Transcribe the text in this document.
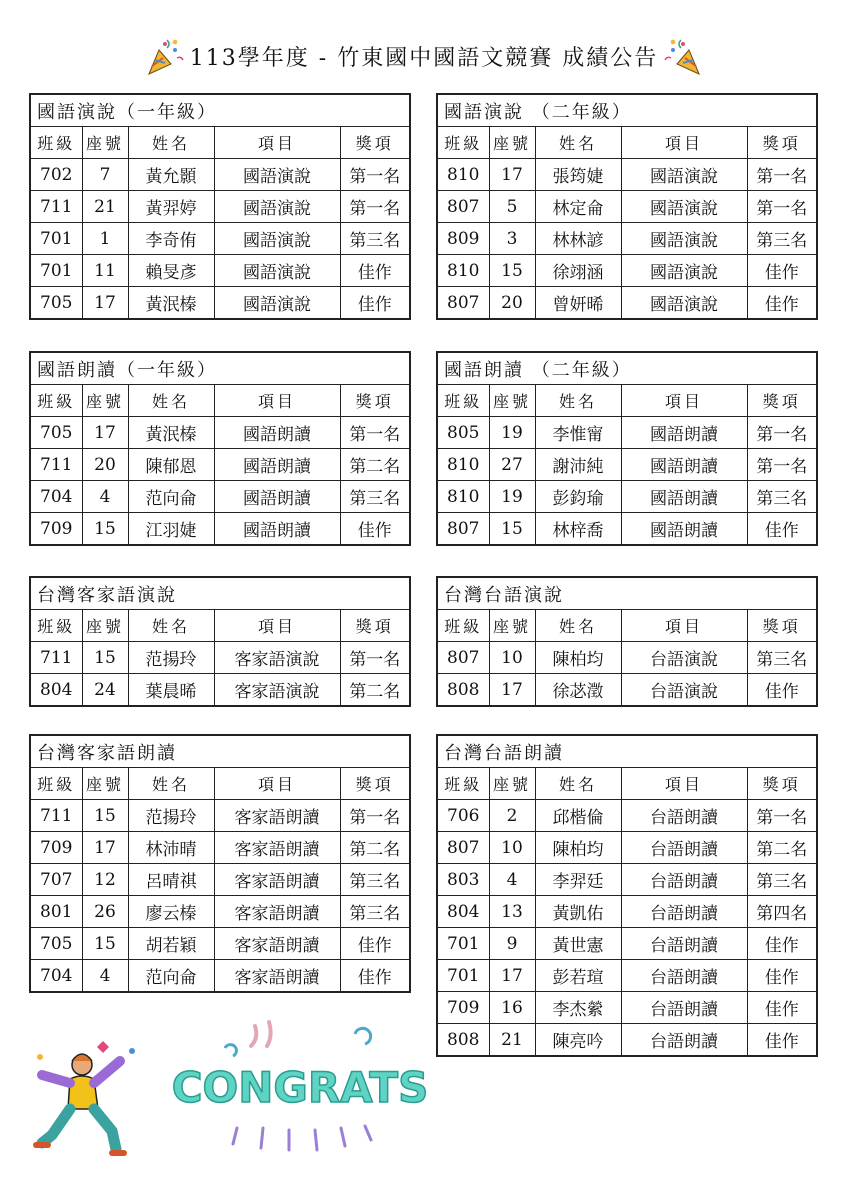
113學年度 - 竹東國中國語文競賽 成績公告
國語演說（一年級）				
班級	座號	姓名	項目	獎項
702	7	黃允顥	國語演說	第一名
711	21	黃羿婷	國語演說	第一名
701	1	李奇侑	國語演說	第三名
701	11	賴旻彥	國語演說	佳作
705	17	黃泯榛	國語演說	佳作
國語演說 （二年級）				
班級	座號	姓名	項目	獎項
810	17	張筠婕	國語演說	第一名
807	5	林定侖	國語演說	第一名
809	3	林林諺	國語演說	第三名
810	15	徐翊涵	國語演說	佳作
807	20	曾妍晞	國語演說	佳作
國語朗讀（一年級）				
班級	座號	姓名	項目	獎項
705	17	黃泯榛	國語朗讀	第一名
711	20	陳郁恩	國語朗讀	第二名
704	4	范向侖	國語朗讀	第三名
709	15	江羽婕	國語朗讀	佳作
國語朗讀 （二年級）				
班級	座號	姓名	項目	獎項
805	19	李惟甯	國語朗讀	第一名
810	27	謝沛純	國語朗讀	第一名
810	19	彭鈞瑜	國語朗讀	第三名
807	15	林梓喬	國語朗讀	佳作
台灣客家語演說				
班級	座號	姓名	項目	獎項
711	15	范揚玲	客家語演說	第一名
804	24	葉晨晞	客家語演說	第二名
台灣台語演說				
班級	座號	姓名	項目	獎項
807	10	陳柏均	台語演說	第三名
808	17	徐苾澂	台語演說	佳作
台灣客家語朗讀				
班級	座號	姓名	項目	獎項
711	15	范揚玲	客家語朗讀	第一名
709	17	林沛晴	客家語朗讀	第二名
707	12	呂晴祺	客家語朗讀	第三名
801	26	廖云榛	客家語朗讀	第三名
705	15	胡若穎	客家語朗讀	佳作
704	4	范向侖	客家語朗讀	佳作
台灣台語朗讀				
班級	座號	姓名	項目	獎項
706	2	邱楷倫	台語朗讀	第一名
807	10	陳柏均	台語朗讀	第二名
803	4	李羿廷	台語朗讀	第三名
804	13	黃凱佑	台語朗讀	第四名
701	9	黃世憲	台語朗讀	佳作
701	17	彭若瑄	台語朗讀	佳作
709	16	李杰縈	台語朗讀	佳作
808	21	陳亮吟	台語朗讀	佳作
CONGRATS
